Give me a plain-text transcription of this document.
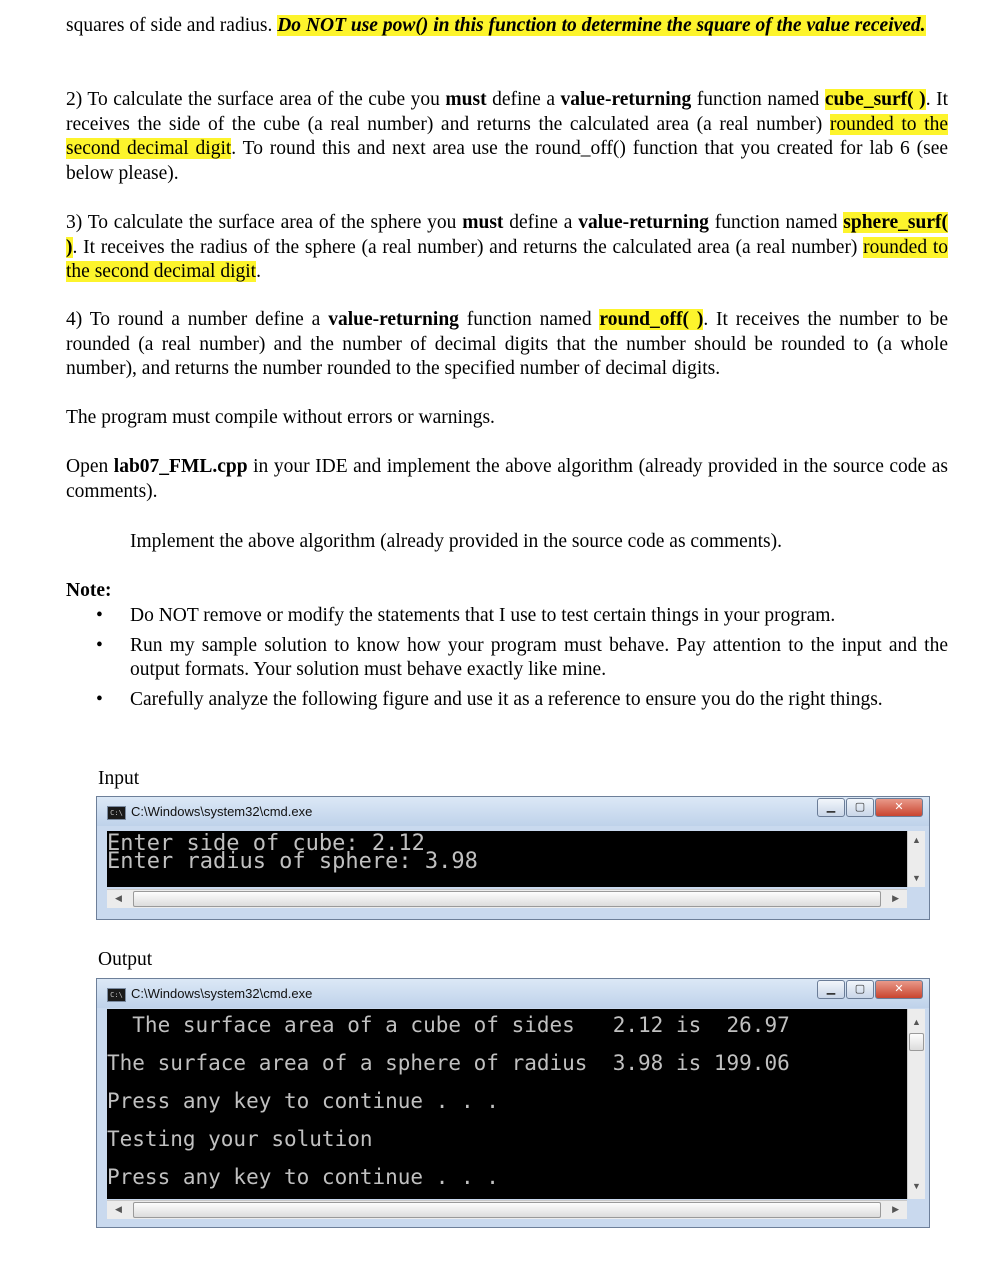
squares of side and radius. Do NOT use pow() in this function to determine the square of the value received.
2) To calculate the surface area of the cube you must define a value-returning function named cube_surf( ). It receives the side of the cube (a real number) and returns the calculated area (a real number) rounded to the second decimal digit. To round this and next area use the round_off() function that you created for lab 6 (see below please).
3) To calculate the surface area of the sphere you must define a value-returning function named sphere_surf( ). It receives the radius of the sphere (a real number) and returns the calculated area (a real number) rounded to the second decimal digit.
4) To round a number define a value-returning function named round_off( ). It receives the number to be rounded (a real number) and the number of decimal digits that the number should be rounded to (a whole number), and returns the number rounded to the specified number of decimal digits.
The program must compile without errors or warnings.
Open lab07_FML.cpp in your IDE and implement the above algorithm (already provided in the source code as comments).
Implement the above algorithm (already provided in the source code as comments).
Note:
• Do NOT remove or modify the statements that I use to test certain things in your program.
• Run my sample solution to know how your program must behave. Pay attention to the input and the output formats. Your solution must behave exactly like mine.
• Carefully analyze the following figure and use it as a reference to ensure you do the right things.
Input
C:\ C:\Windows\system32\cmd.exe	▁	▢	✕
Enter side of cube: 2.12
Enter radius of sphere: 3.98
▲
▼
◀	▶
Output
C:\ C:\Windows\system32\cmd.exe	▁	▢	✕
The surface area of a cube of sides   2.12 is  26.97
The surface area of a sphere of radius  3.98 is 199.06
Press any key to continue . . .
Testing your solution
Press any key to continue . . .
▲
▼
◀	▶
